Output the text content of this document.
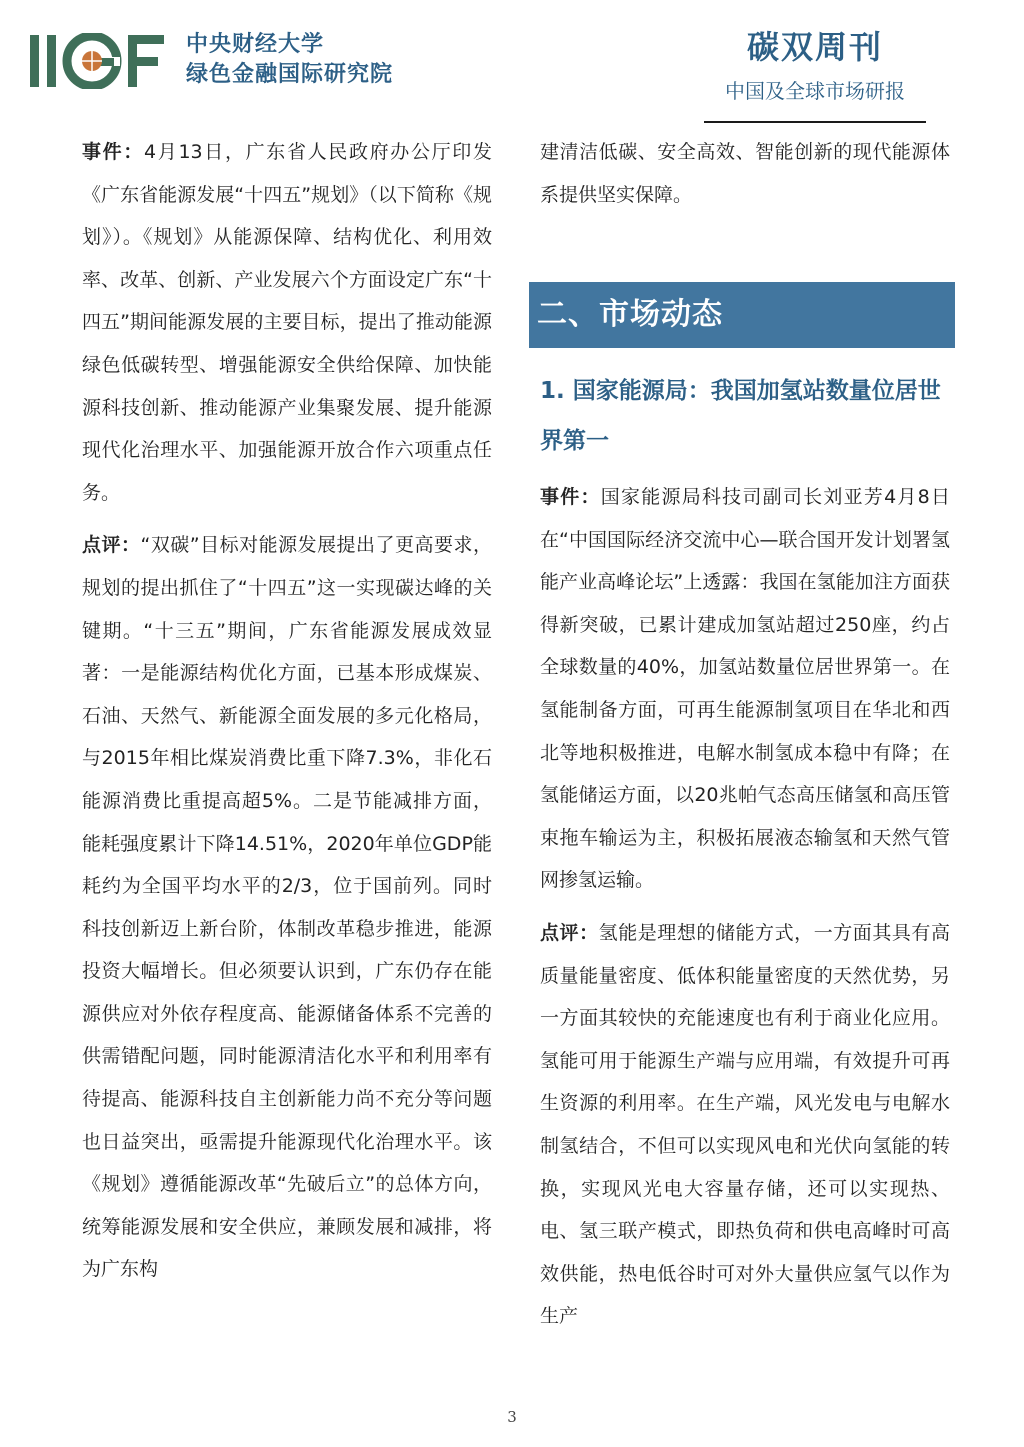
中央财经大学
绿色金融国际研究院
碳双周刊
中国及全球市场研报

事件：4月13日，广东省人民政府办公厅印发《广东省能源发展“十四五”规划》（以下简称《规划》）。《规划》从能源保障、结构优化、利用效率、改革、创新、产业发展六个方面设定广东“十四五”期间能源发展的主要目标，提出了推动能源绿色低碳转型、增强能源安全供给保障、加快能源科技创新、推动能源产业集聚发展、提升能源现代化治理水平、加强能源开放合作六项重点任务。

点评：“双碳”目标对能源发展提出了更高要求，规划的提出抓住了“十四五”这一实现碳达峰的关键期。“十三五”期间，广东省能源发展成效显著：一是能源结构优化方面，已基本形成煤炭、石油、天然气、新能源全面发展的多元化格局，与2015年相比煤炭消费比重下降7.3%，非化石能源消费比重提高超5%。二是节能减排方面，能耗强度累计下降14.51%，2020年单位GDP能耗约为全国平均水平的2/3，位于国前列。同时科技创新迈上新台阶，体制改革稳步推进，能源投资大幅增长。但必须要认识到，广东仍存在能源供应对外依存程度高、能源储备体系不完善的供需错配问题，同时能源清洁化水平和利用率有待提高、能源科技自主创新能力尚不充分等问题也日益突出，亟需提升能源现代化治理水平。该《规划》遵循能源改革“先破后立”的总体方向，统筹能源发展和安全供应，兼顾发展和减排，将为广东构

建清洁低碳、安全高效、智能创新的现代能源体系提供坚实保障。

二、市场动态
1. 国家能源局：我国加氢站数量位居世界第一

事件：国家能源局科技司副司长刘亚芳4月8日在“中国国际经济交流中心—联合国开发计划署氢能产业高峰论坛”上透露：我国在氢能加注方面获得新突破，已累计建成加氢站超过250座，约占全球数量的40%，加氢站数量位居世界第一。在氢能制备方面，可再生能源制氢项目在华北和西北等地积极推进，电解水制氢成本稳中有降；在氢能储运方面，以20兆帕气态高压储氢和高压管束拖车输运为主，积极拓展液态输氢和天然气管网掺氢运输。

点评：氢能是理想的储能方式，一方面其具有高质量能量密度、低体积能量密度的天然优势，另一方面其较快的充能速度也有利于商业化应用。氢能可用于能源生产端与应用端，有效提升可再生资源的利用率。在生产端，风光发电与电解水制氢结合，不但可以实现风电和光伏向氢能的转换，实现风光电大容量存储，还可以实现热、电、氢三联产模式，即热负荷和供电高峰时可高效供能，热电低谷时可对外大量供应氢气以作为生产

3
